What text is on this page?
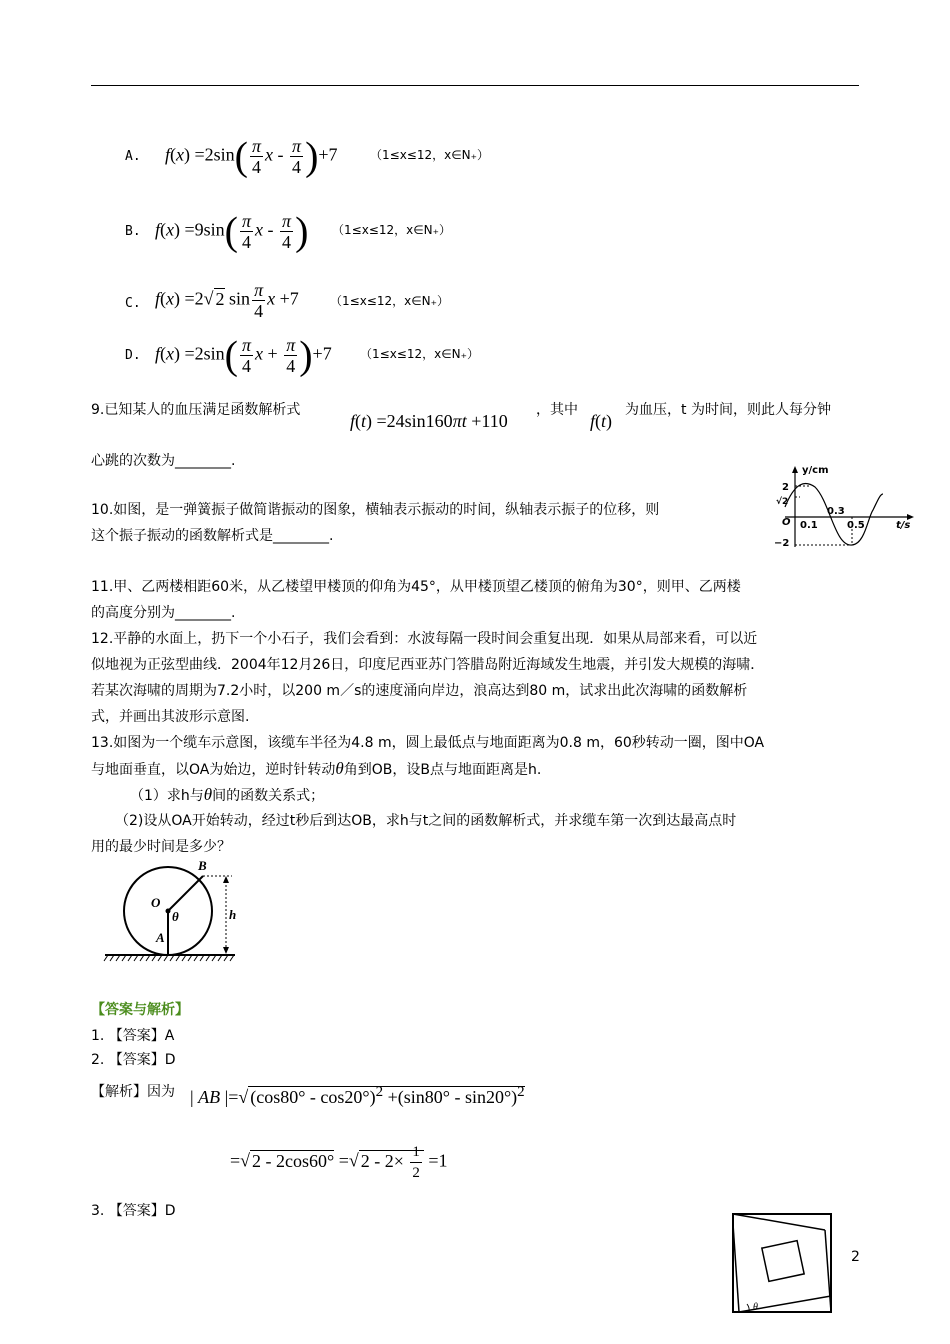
A. $f(x) =2\sin( \frac{\pi}{4}$ $x - \frac{\pi}{4} )+7$	（1≤x≤12，x∈N₊）
B. $f(x) =9\sin( \frac{\pi}{4}$ x - $\frac{\pi}{4}$ ) （1≤x≤12，x∈N₊）
C. f(x) =2√ 2 $\sin \frac{\pi}{4}$ x +7	（1≤x≤12，x∈N₊）
D. $f(x) =2\sin( \frac{\pi}{4}$ $x + \frac{\pi}{4} )+7$ （1≤x≤12，x∈N₊）
9.已知某人的血压满足函数解析式
f(t) =24sin160πt +110
，其中
f(t)
为血压，t 为时间，则此人每分钟
心跳的次数为________.
10.如图，是一弹簧振子做简谐振动的图象，横轴表示振动的时间，纵轴表示振子的位移，则
这个振子振动的函数解析式是________.
y/cm
t/s
2
√2
−2
O 0.1
0.3
0.5
11.甲、乙两楼相距60米，从乙楼望甲楼顶的仰角为45°，从甲楼顶望乙楼顶的俯角为30°，则甲、乙两楼
的高度分别为________.
12.平静的水面上，扔下一个小石子，我们会看到：水波每隔一段时间会重复出现．如果从局部来看，可以近
似地视为正弦型曲线．2004年12月26日，印度尼西亚苏门答腊岛附近海域发生地震，并引发大规模的海啸．
若某次海啸的周期为7.2小时，以200 m／s的速度涌向岸边，浪高达到80 m，试求出此次海啸的函数解析
式，并画出其波形示意图.
13.如图为一个缆车示意图，该缆车半径为4.8 m，圆上最低点与地面距离为0.8 m，60秒转动一圈，图中OA
与地面垂直，以OA为始边，逆时针转动θ角到OB，设B点与地面距离是h.
（1）求h与θ间的函数关系式；
（2)设从OA开始转动，经过t秒后到达OB，求h与t之间的函数解析式，并求缆车第一次到达最高点时
用的最少时间是多少？
B
O
θ
A
h
【答案与解析】
1. 【答案】A
2. 【答案】D
【解析】因为 | AB |=√ (cos80° - cos20°)$^2$ +(sin80° - sin20°)$^2$
=√ 2 - 2cos60° =√ $2 - 2\times \frac{1}{2} =1$
3. 【答案】D
θ
2
